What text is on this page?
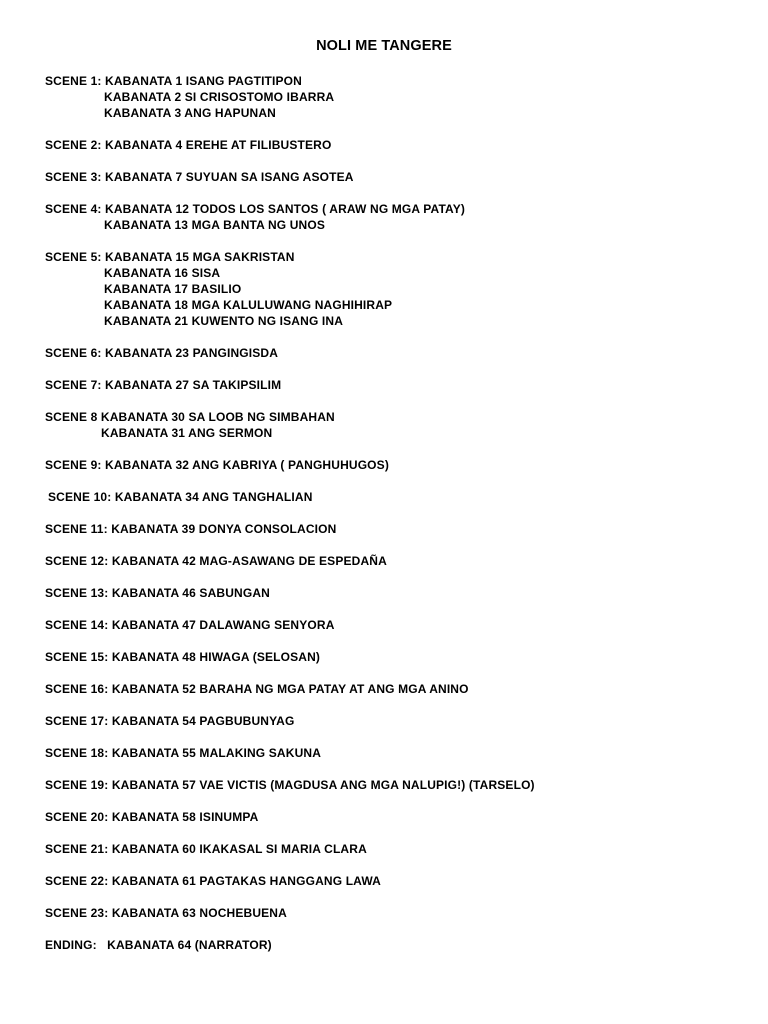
NOLI ME TANGERE
SCENE 1: KABANATA 1 ISANG PAGTITIPON
KABANATA 2 SI CRISOSTOMO IBARRA
KABANATA 3 ANG HAPUNAN
SCENE 2: KABANATA 4 EREHE AT FILIBUSTERO
SCENE 3: KABANATA 7 SUYUAN SA ISANG ASOTEA
SCENE 4: KABANATA 12 TODOS LOS SANTOS ( ARAW NG MGA PATAY)
KABANATA 13 MGA BANTA NG UNOS
SCENE 5: KABANATA 15 MGA SAKRISTAN
KABANATA 16 SISA
KABANATA 17 BASILIO
KABANATA 18 MGA KALULUWANG NAGHIHIRAP
KABANATA 21 KUWENTO NG ISANG INA
SCENE 6: KABANATA 23 PANGINGISDA
SCENE 7: KABANATA 27 SA TAKIPSILIM
SCENE 8 KABANATA 30 SA LOOB NG SIMBAHAN
KABANATA 31 ANG SERMON
SCENE 9: KABANATA 32 ANG KABRIYA ( PANGHUHUGOS)
SCENE 10: KABANATA 34 ANG TANGHALIAN
SCENE 11: KABANATA 39 DONYA CONSOLACION
SCENE 12: KABANATA 42 MAG-ASAWANG DE ESPEDAÑA
SCENE 13: KABANATA 46 SABUNGAN
SCENE 14: KABANATA 47 DALAWANG SENYORA
SCENE 15: KABANATA 48 HIWAGA (SELOSAN)
SCENE 16: KABANATA 52 BARAHA NG MGA PATAY AT ANG MGA ANINO
SCENE 17: KABANATA 54 PAGBUBUNYAG
SCENE 18: KABANATA 55 MALAKING SAKUNA
SCENE 19: KABANATA 57 VAE VICTIS (MAGDUSA ANG MGA NALUPIG!) (TARSELO)
SCENE 20: KABANATA 58 ISINUMPA
SCENE 21: KABANATA 60 IKAKASAL SI MARIA CLARA
SCENE 22: KABANATA 61 PAGTAKAS HANGGANG LAWA
SCENE 23: KABANATA 63 NOCHEBUENA
ENDING:   KABANATA 64 (NARRATOR)
